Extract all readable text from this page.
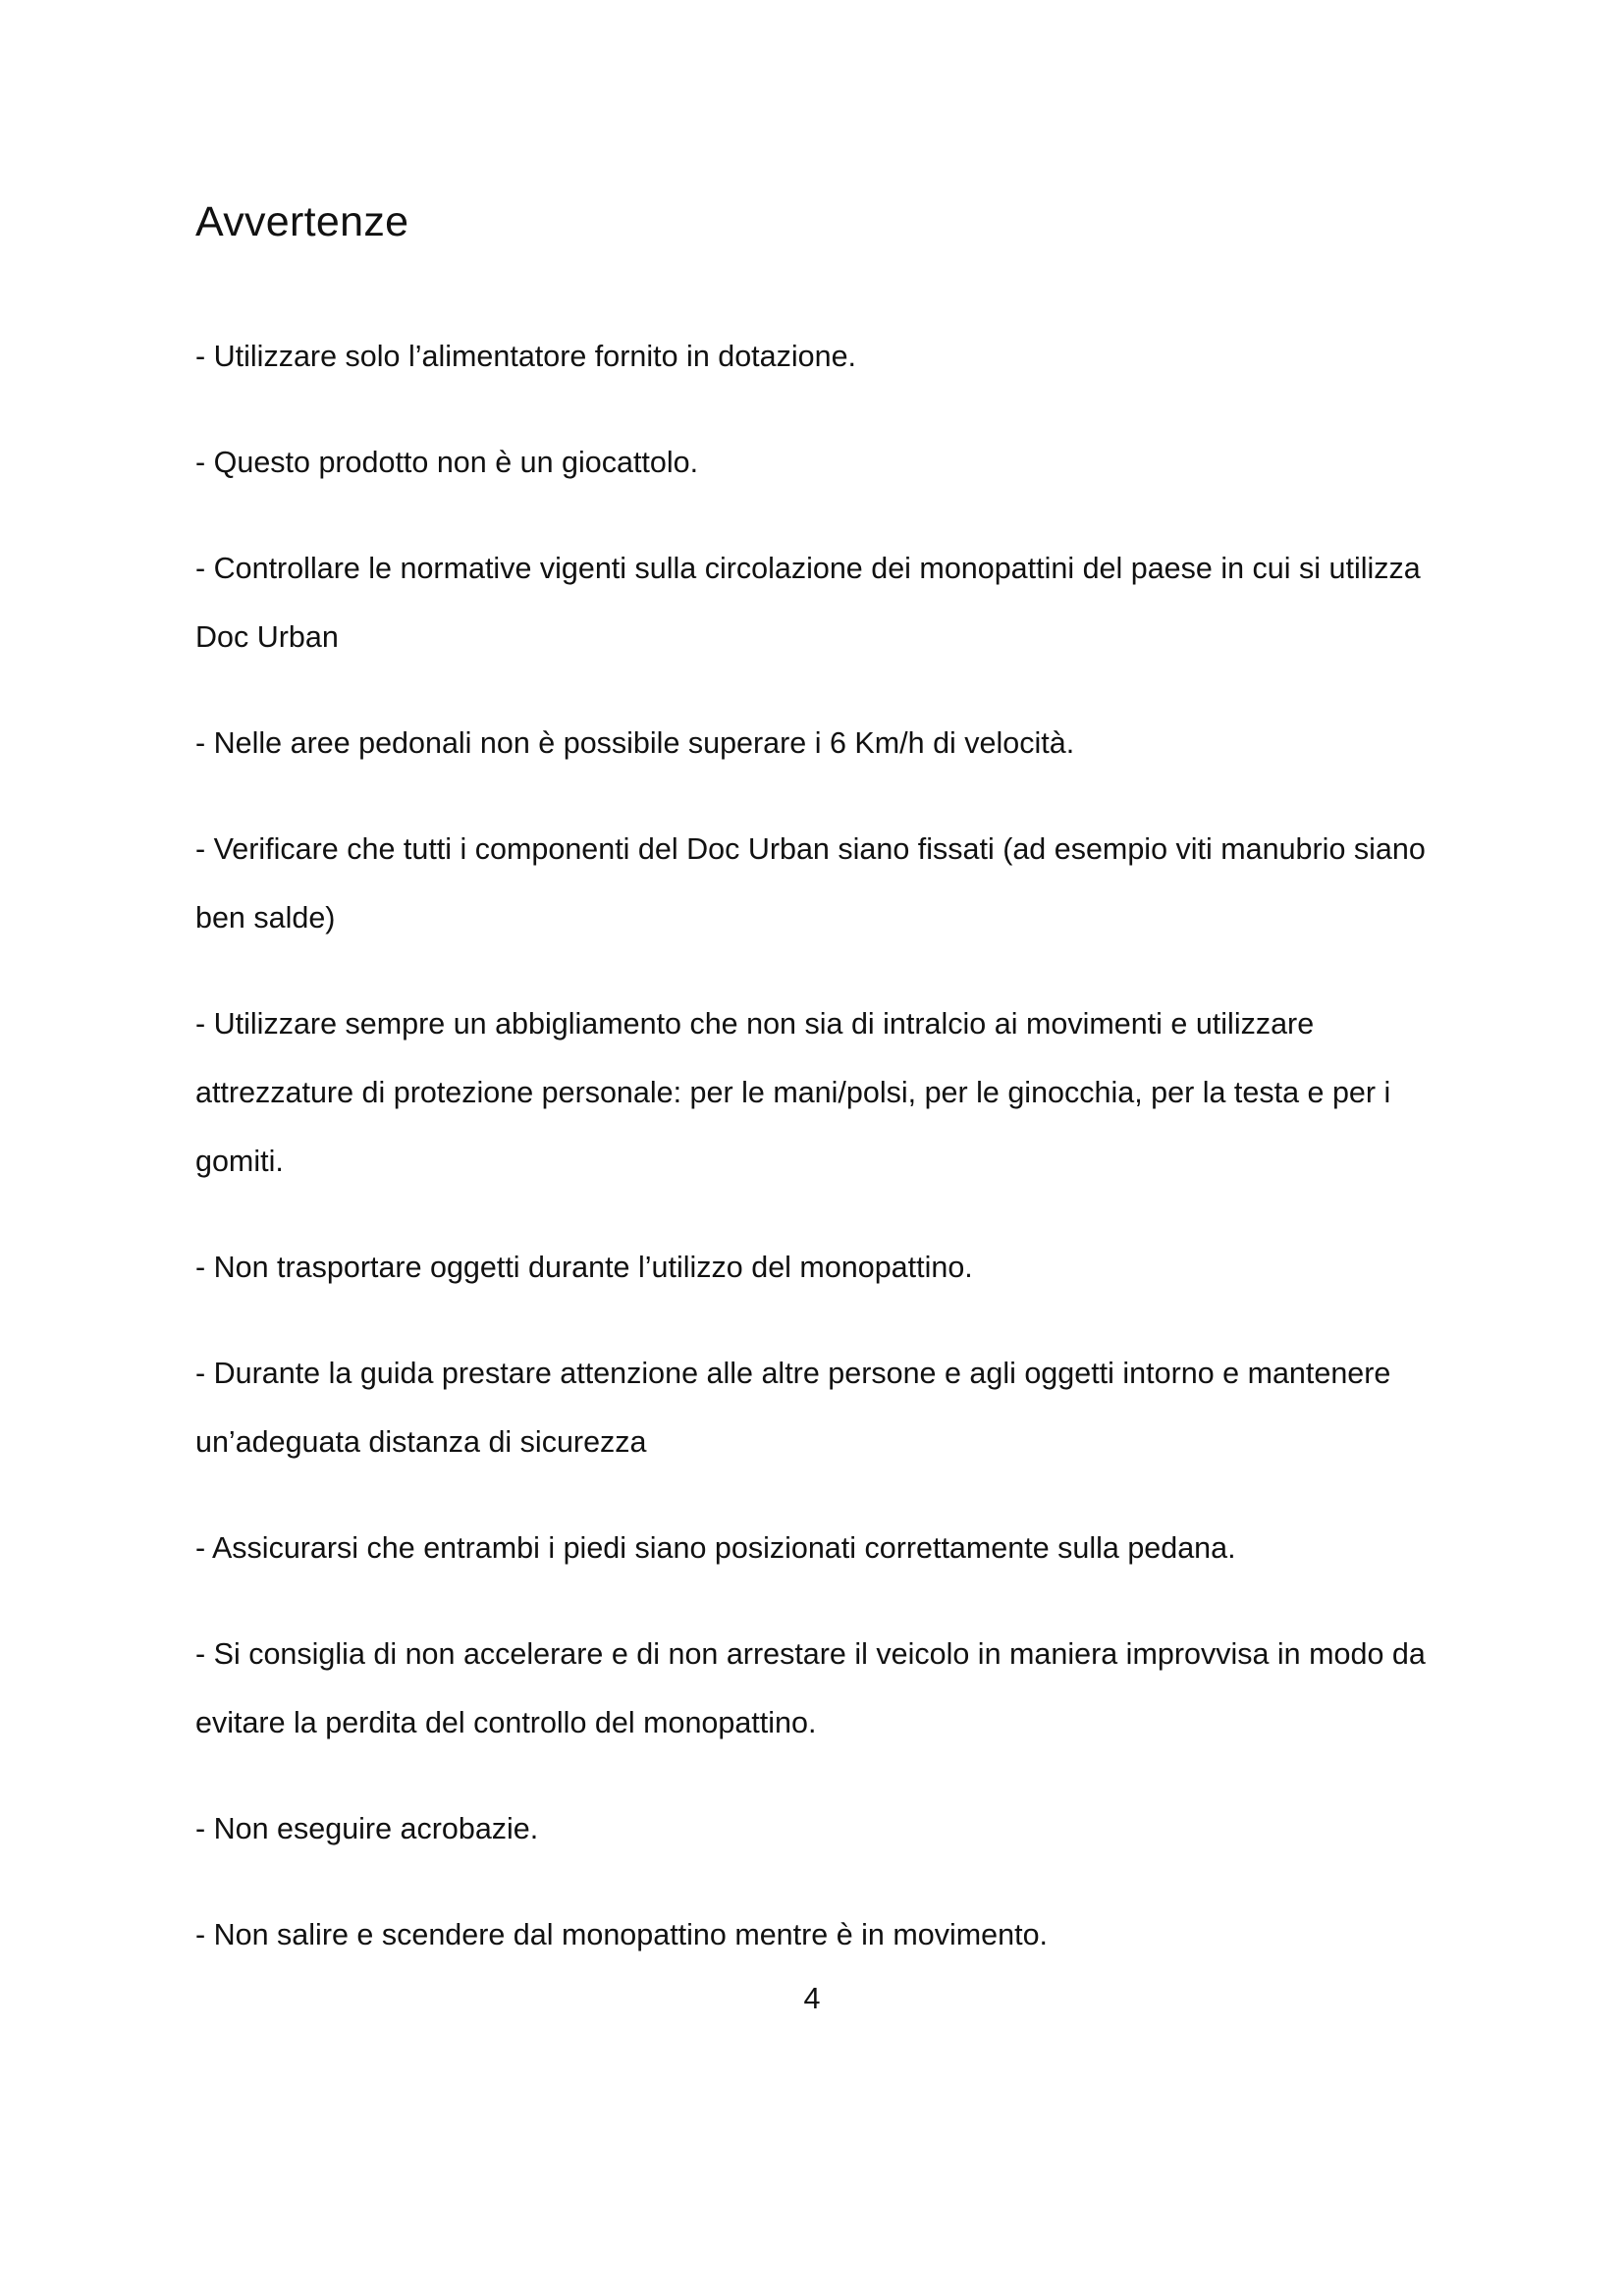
Avvertenze
- Utilizzare solo l’alimentatore fornito in dotazione.
- Questo prodotto non è un giocattolo.
- Controllare le normative vigenti sulla circolazione dei monopattini del paese in cui si utilizza Doc Urban
- Nelle aree pedonali non è possibile superare i 6 Km/h di velocità.
- Verificare che tutti i componenti del Doc Urban siano fissati (ad esempio viti manubrio siano ben salde)
- Utilizzare sempre un abbigliamento che non sia di intralcio ai movimenti e utilizzare attrezzature di protezione personale: per le mani/polsi, per le ginocchia, per la testa e per i gomiti.
- Non trasportare oggetti durante l’utilizzo del monopattino.
- Durante la guida prestare attenzione alle altre persone e agli oggetti intorno e mantenere un’adeguata distanza di sicurezza
- Assicurarsi che entrambi i piedi siano posizionati correttamente sulla pedana.
- Si consiglia di non accelerare e di non arrestare il veicolo in maniera improvvisa in modo da evitare la perdita del controllo del monopattino.
- Non eseguire acrobazie.
- Non salire e scendere dal monopattino mentre è in movimento.
4
